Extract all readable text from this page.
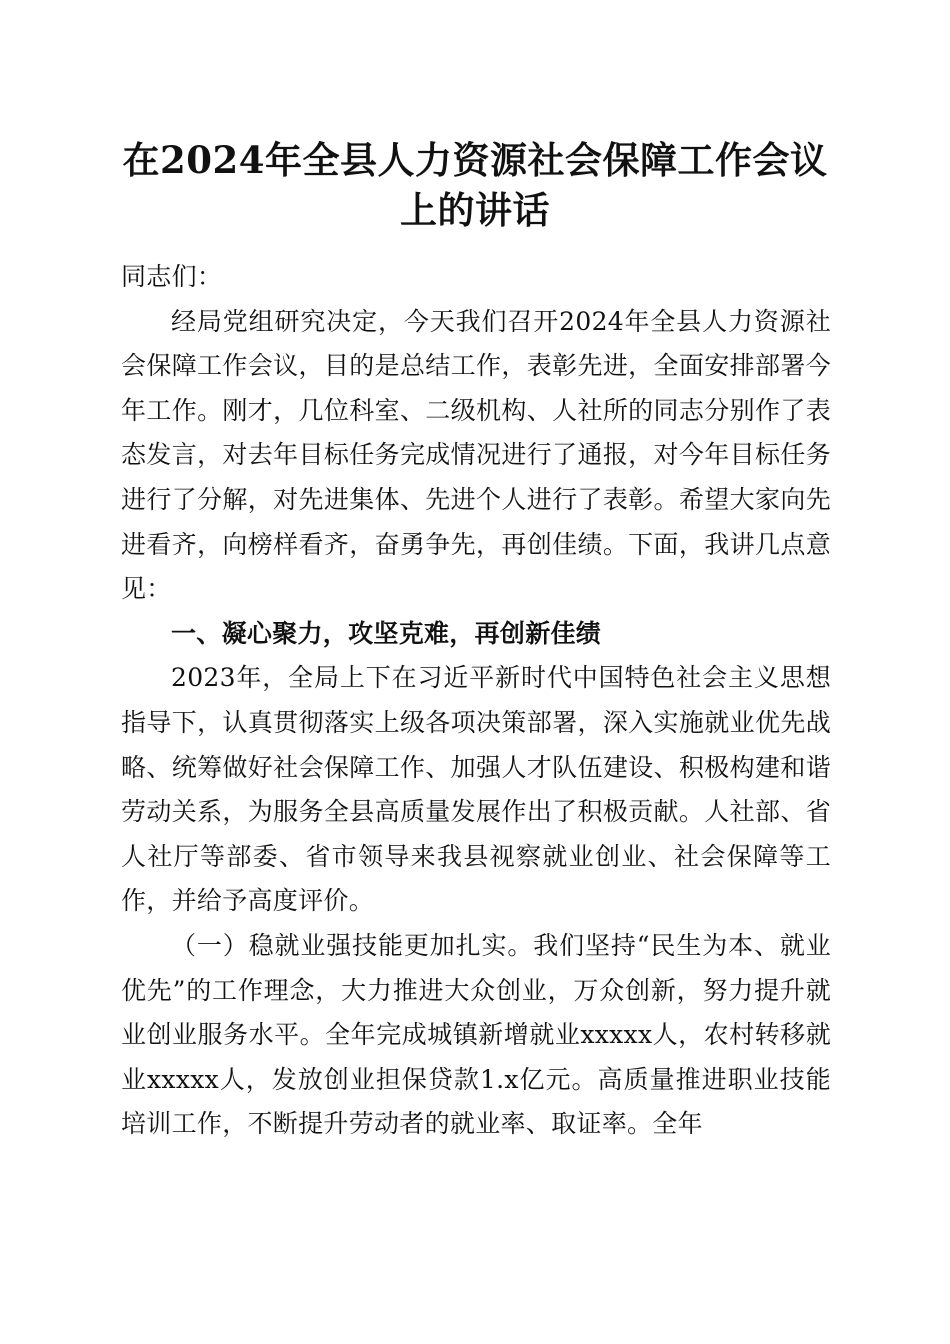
在2024年全县人力资源社会保障工作会议上的讲话

同志们：

经局党组研究决定，今天我们召开2024年全县人力资源社会保障工作会议，目的是总结工作，表彰先进，全面安排部署今年工作。刚才，几位科室、二级机构、人社所的同志分别作了表态发言，对去年目标任务完成情况进行了通报，对今年目标任务进行了分解，对先进集体、先进个人进行了表彰。希望大家向先进看齐，向榜样看齐，奋勇争先，再创佳绩。下面，我讲几点意见：

一、凝心聚力，攻坚克难，再创新佳绩

2023年，全局上下在习近平新时代中国特色社会主义思想指导下，认真贯彻落实上级各项决策部署，深入实施就业优先战略、统筹做好社会保障工作、加强人才队伍建设、积极构建和谐劳动关系，为服务全县高质量发展作出了积极贡献。人社部、省人社厅等部委、省市领导来我县视察就业创业、社会保障等工作，并给予高度评价。

（一）稳就业强技能更加扎实。我们坚持“民生为本、就业优先”的工作理念，大力推进大众创业，万众创新，努力提升就业创业服务水平。全年完成城镇新增就业xxxxx人，农村转移就业xxxxx人，发放创业担保贷款1.x亿元。高质量推进职业技能培训工作，不断提升劳动者的就业率、取证率。全年
